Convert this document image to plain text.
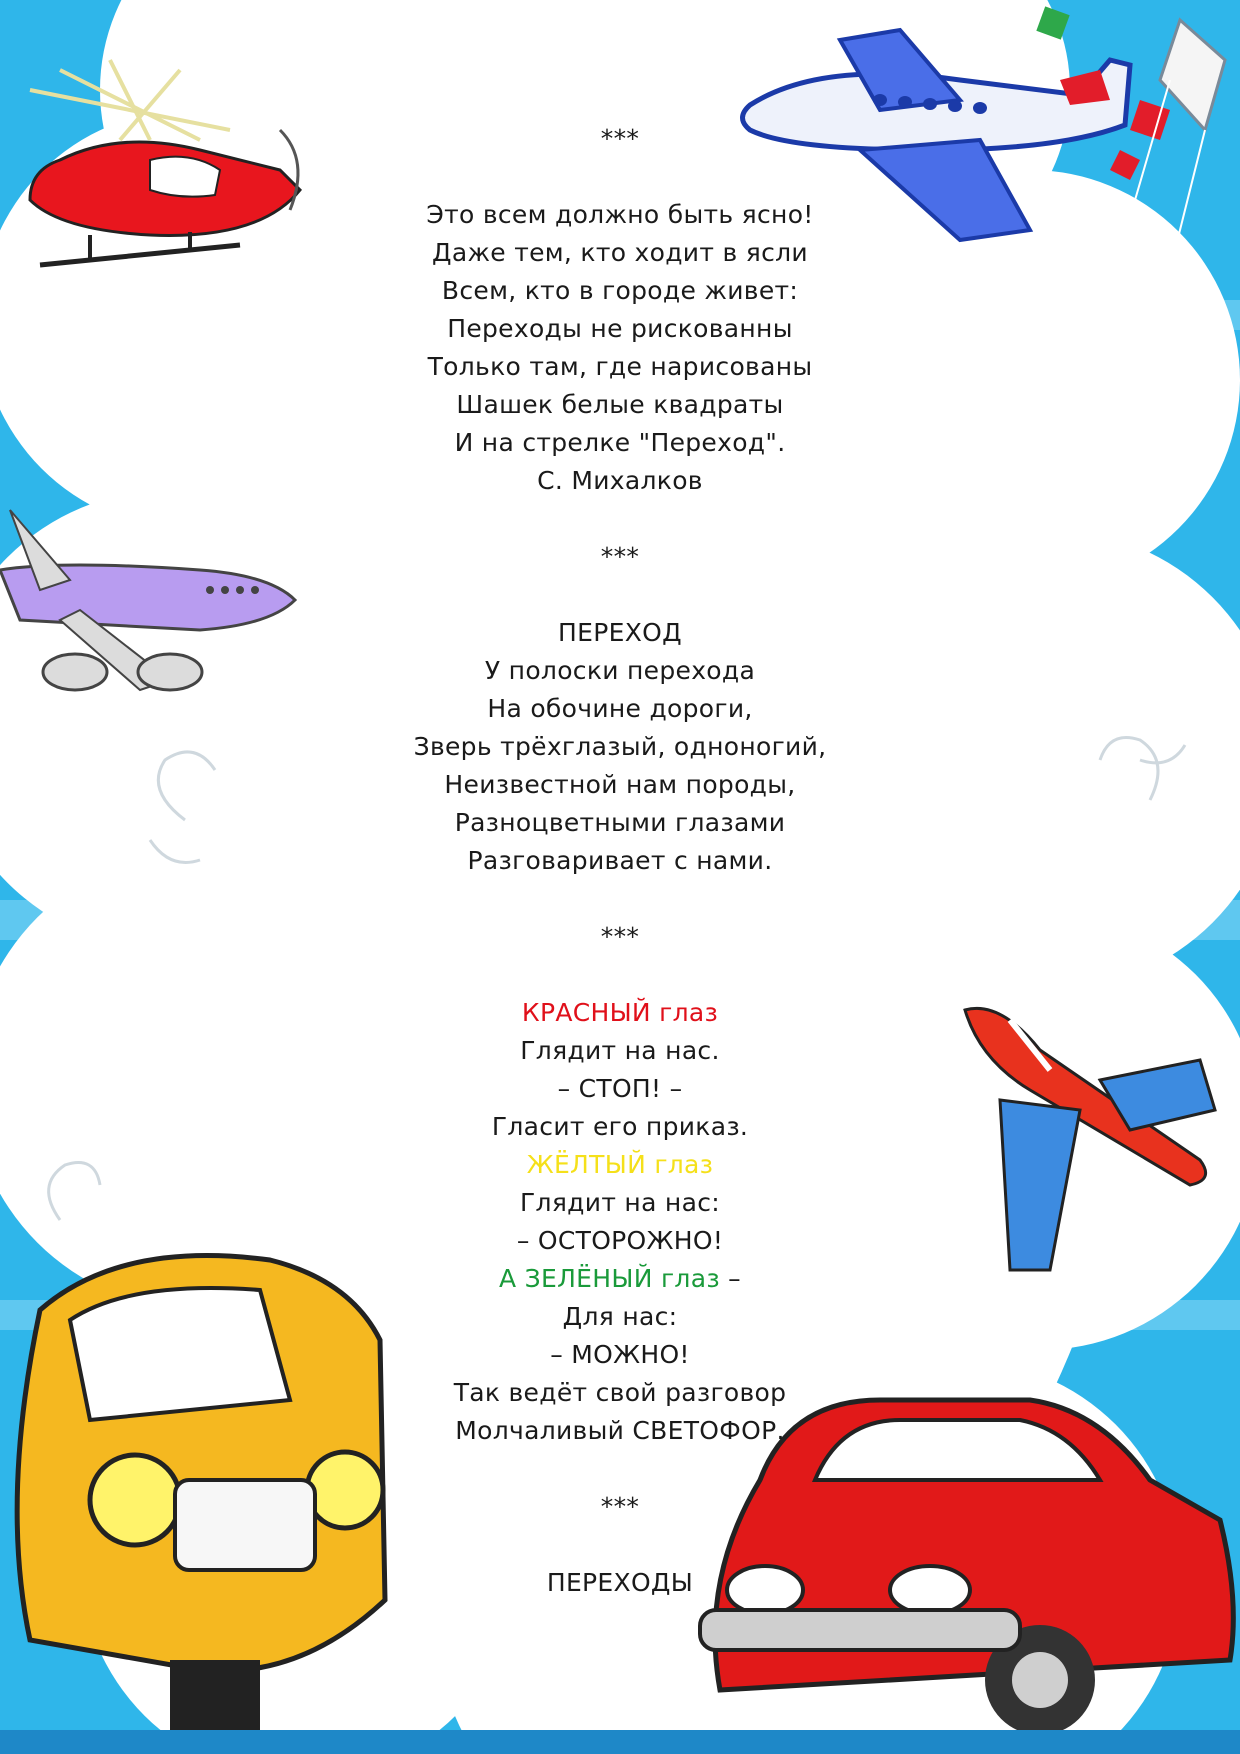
***
Это всем должно быть ясно!
Даже тем, кто ходит в ясли
Всем, кто в городе живет:
Переходы не рискованны
Только там, где нарисованы
Шашек белые квадраты
И на стрелке "Переход".
С. Михалков
***
ПЕРЕХОД
У полоски перехода
На обочине дороги,
Зверь трёхглазый, одноногий,
Неизвестной нам породы,
Разноцветными глазами
Разговаривает с нами.
***
КРАСНЫЙ глаз
Глядит на нас.
– СТОП! –
Гласит его приказ.
ЖЁЛТЫЙ глаз
Глядит на нас:
– ОСТОРОЖНО!
А ЗЕЛЁНЫЙ глаз –
Для нас:
– МОЖНО!
Так ведёт свой разговор
Молчаливый СВЕТОФОР.
***
ПЕРЕХОДЫ
